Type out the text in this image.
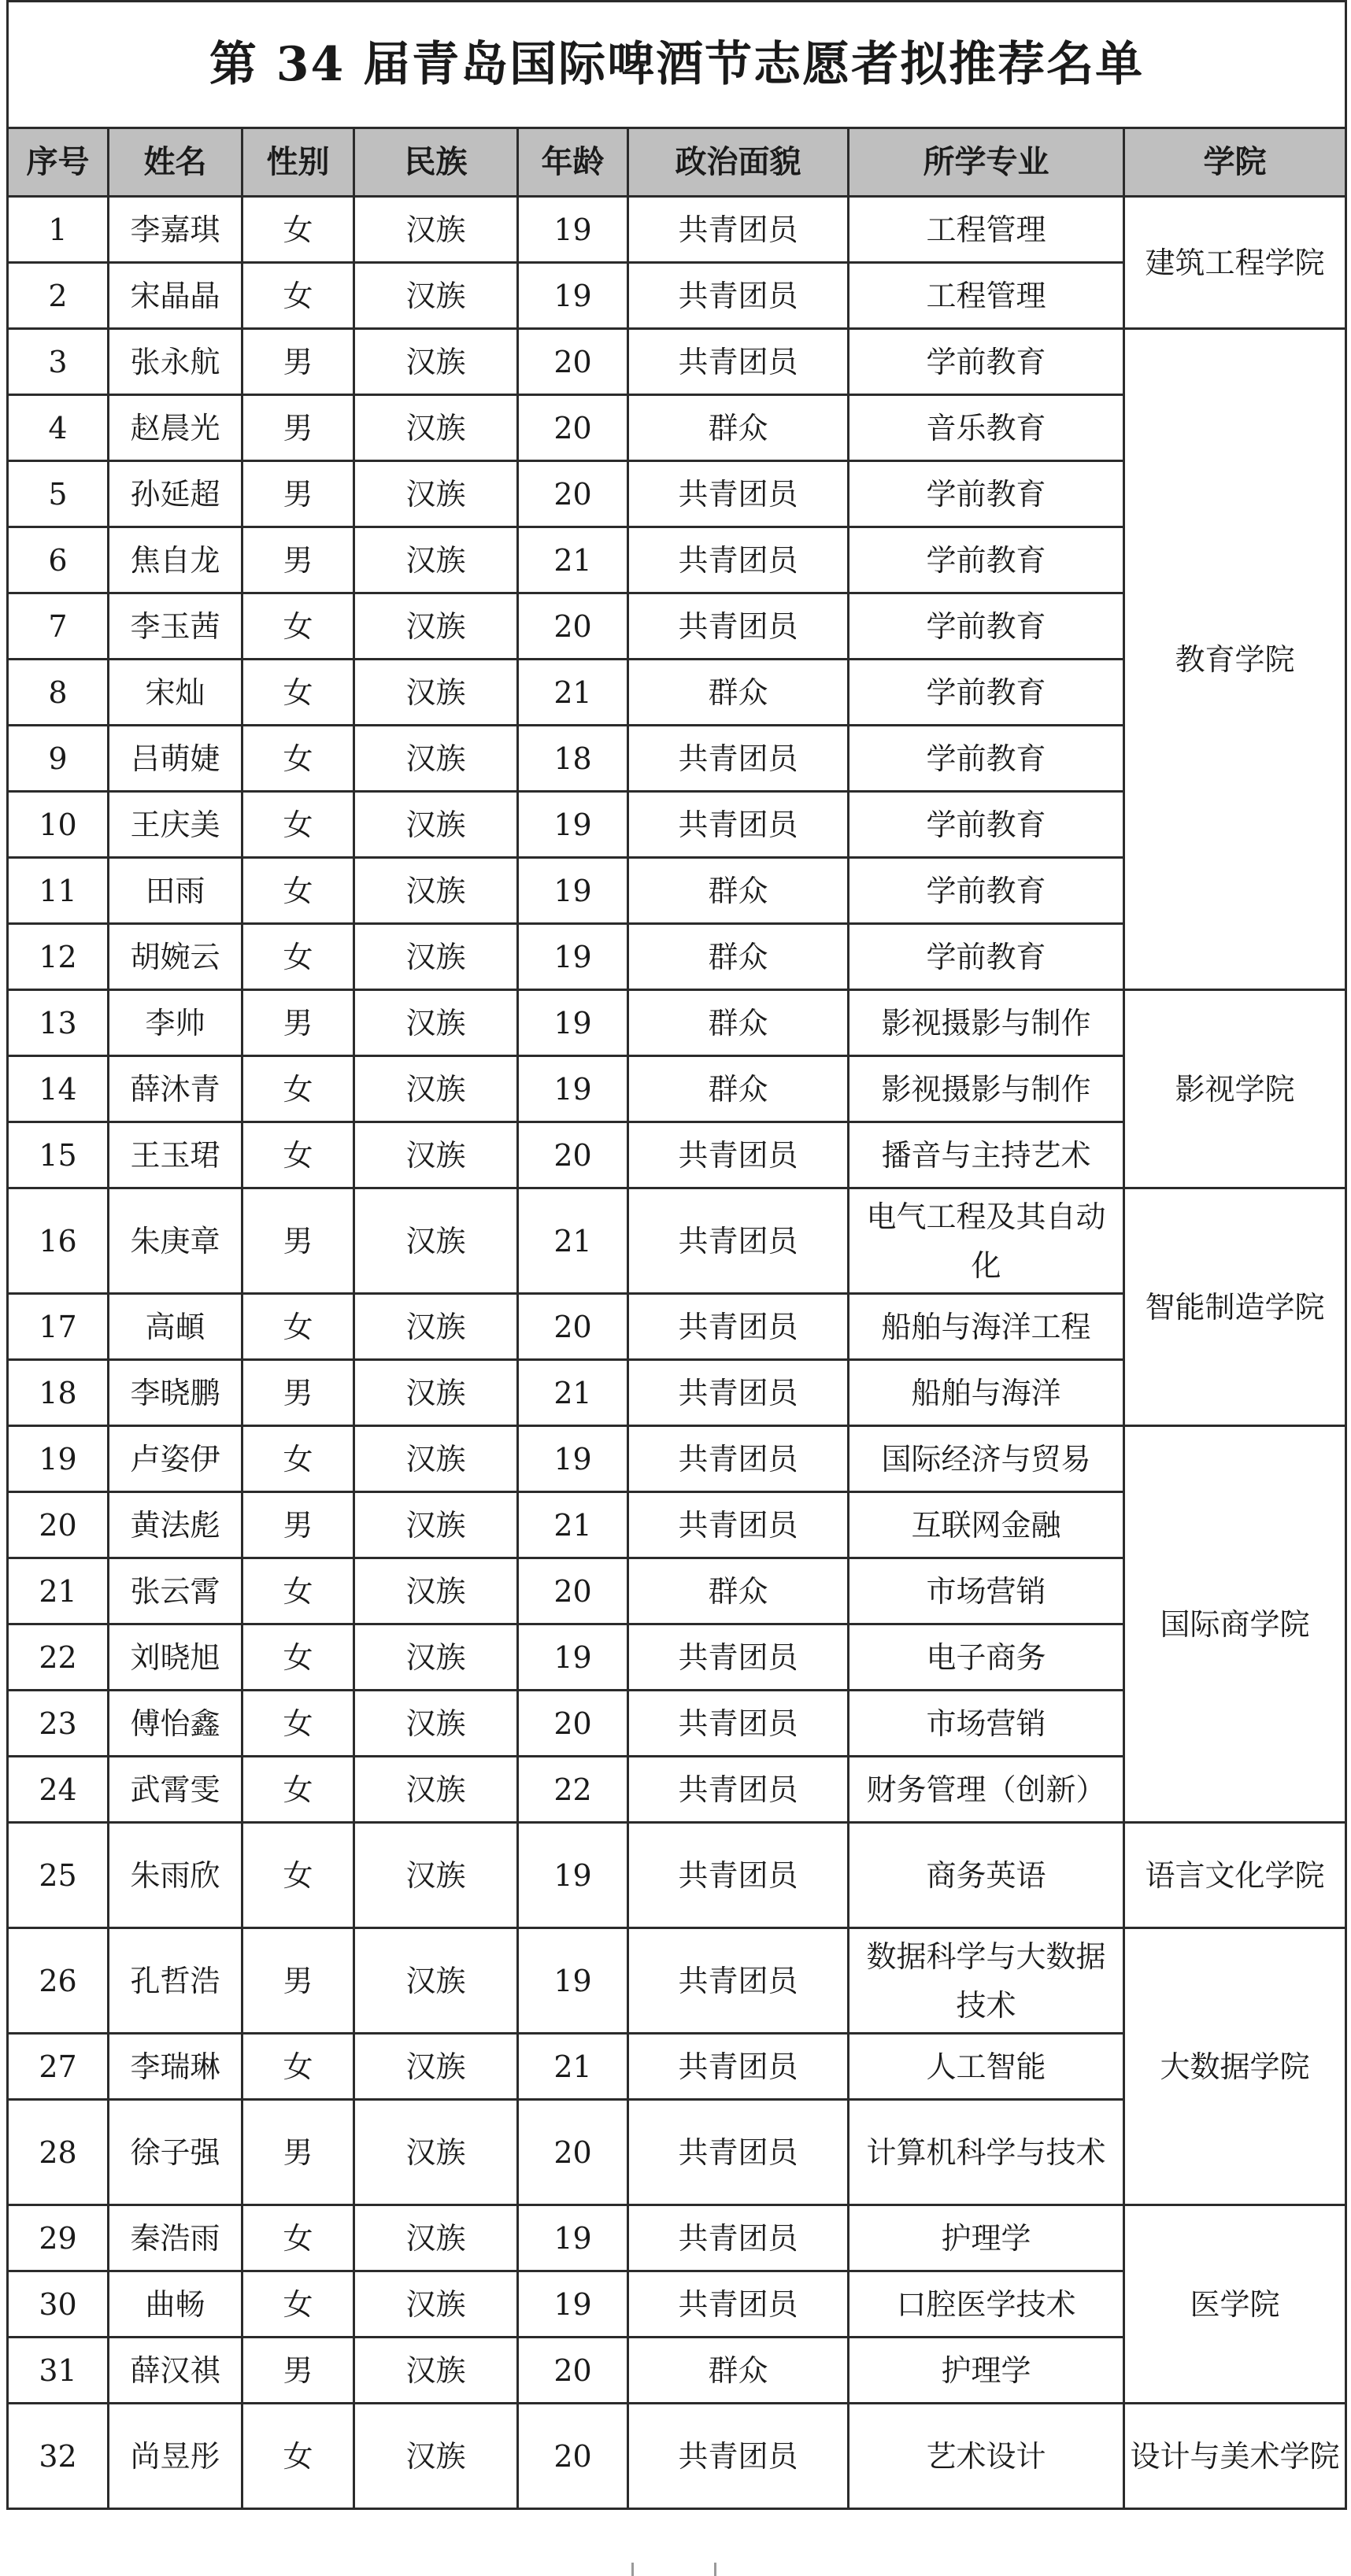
第 34 届青岛国际啤酒节志愿者拟推荐名单							
序号	姓名	性别	民族	年龄	政治面貌	所学专业	学院
1	李嘉琪	女	汉族	19	共青团员	工程管理	建筑工程学院
2	宋晶晶	女	汉族	19	共青团员	工程管理	
3	张永航	男	汉族	20	共青团员	学前教育	教育学院
4	赵晨光	男	汉族	20	群众	音乐教育	
5	孙延超	男	汉族	20	共青团员	学前教育	
6	焦自龙	男	汉族	21	共青团员	学前教育	
7	李玉茜	女	汉族	20	共青团员	学前教育	
8	宋灿	女	汉族	21	群众	学前教育	
9	吕萌婕	女	汉族	18	共青团员	学前教育	
10	王庆美	女	汉族	19	共青团员	学前教育	
11	田雨	女	汉族	19	群众	学前教育	
12	胡婉云	女	汉族	19	群众	学前教育	
13	李帅	男	汉族	19	群众	影视摄影与制作	影视学院
14	薛沐青	女	汉族	19	群众	影视摄影与制作	
15	王玉珺	女	汉族	20	共青团员	播音与主持艺术	
16	朱庚章	男	汉族	21	共青团员	电气工程及其自动化	智能制造学院
17	高頔	女	汉族	20	共青团员	船舶与海洋工程	
18	李晓鹏	男	汉族	21	共青团员	船舶与海洋	
19	卢姿伊	女	汉族	19	共青团员	国际经济与贸易	国际商学院
20	黄法彪	男	汉族	21	共青团员	互联网金融	
21	张云霄	女	汉族	20	群众	市场营销	
22	刘晓旭	女	汉族	19	共青团员	电子商务	
23	傅怡鑫	女	汉族	20	共青团员	市场营销	
24	武霄雯	女	汉族	22	共青团员	财务管理（创新）	
25	朱雨欣	女	汉族	19	共青团员	商务英语	语言文化学院
26	孔哲浩	男	汉族	19	共青团员	数据科学与大数据技术	大数据学院
27	李瑞琳	女	汉族	21	共青团员	人工智能	
28	徐子强	男	汉族	20	共青团员	计算机科学与技术	
29	秦浩雨	女	汉族	19	共青团员	护理学	医学院
30	曲畅	女	汉族	19	共青团员	口腔医学技术	
31	薛汉祺	男	汉族	20	群众	护理学	
32	尚昱彤	女	汉族	20	共青团员	艺术设计	设计与美术学院
